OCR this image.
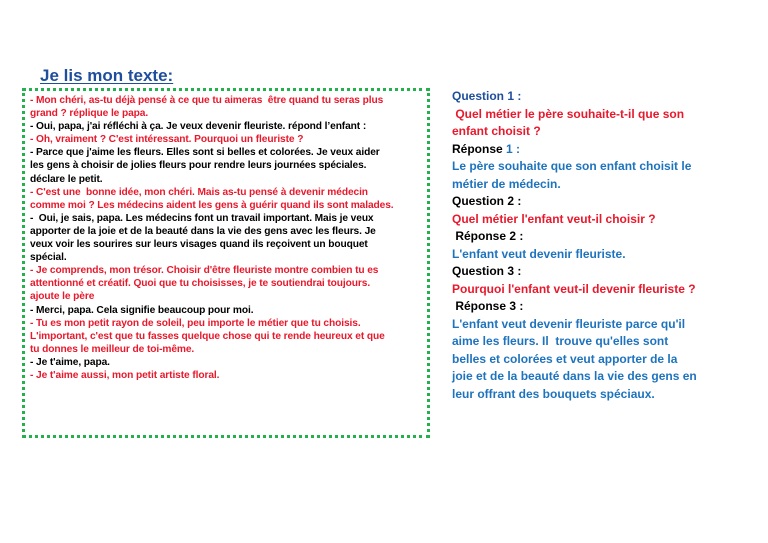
Je lis mon texte:
- Mon chéri, as-tu déjà pensé à ce que tu aimeras  être quand tu seras plus
grand ? réplique le papa.
- Oui, papa, j'ai réfléchi à ça. Je veux devenir fleuriste. répond l’enfant :
- Oh, vraiment ? C'est intéressant. Pourquoi un fleuriste ?
- Parce que j'aime les fleurs. Elles sont si belles et colorées. Je veux aider
les gens à choisir de jolies fleurs pour rendre leurs journées spéciales.
déclare le petit.
- C'est une  bonne idée, mon chéri. Mais as-tu pensé à devenir médecin
comme moi ? Les médecins aident les gens à guérir quand ils sont malades.
-  Oui, je sais, papa. Les médecins font un travail important. Mais je veux
apporter de la joie et de la beauté dans la vie des gens avec les fleurs. Je
veux voir les sourires sur leurs visages quand ils reçoivent un bouquet
spécial.
- Je comprends, mon trésor. Choisir d'être fleuriste montre combien tu es
attentionné et créatif. Quoi que tu choisisses, je te soutiendrai toujours.
ajoute le père
- Merci, papa. Cela signifie beaucoup pour moi.
- Tu es mon petit rayon de soleil, peu importe le métier que tu choisis.
L'important, c'est que tu fasses quelque chose qui te rende heureux et que
tu donnes le meilleur de toi-même.
- Je t'aime, papa.
- Je t'aime aussi, mon petit artiste floral.
Question 1 :
Quel métier le père souhaite-t-il que son
enfant choisit ?
Réponse 1 :
Le père souhaite que son enfant choisit le
métier de médecin.
Question 2 :
Quel métier l'enfant veut-il choisir ?
Réponse 2 :
L'enfant veut devenir fleuriste.
Question 3 :
Pourquoi l'enfant veut-il devenir fleuriste ?
Réponse 3 :
L'enfant veut devenir fleuriste parce qu'il
aime les fleurs. Il  trouve qu'elles sont
belles et colorées et veut apporter de la
joie et de la beauté dans la vie des gens en
leur offrant des bouquets spéciaux.
